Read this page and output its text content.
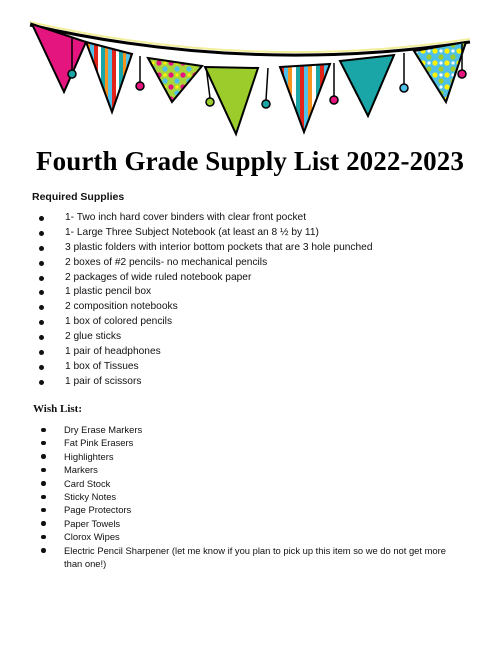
Fourth Grade Supply List 2022-2023
Required Supplies
1- Two inch hard cover binders with clear front pocket
1- Large Three Subject Notebook (at least an 8 ½ by 11)
3 plastic folders with interior bottom pockets that are 3 hole punched
2 boxes of #2 pencils- no mechanical pencils
2 packages of wide ruled notebook paper
1 plastic pencil box
2 composition notebooks
1 box of colored pencils
2 glue sticks
1 pair of headphones
1 box of Tissues
1 pair of scissors
Wish List:
Dry Erase Markers
Fat Pink Erasers
Highlighters
Markers
Card Stock
Sticky Notes
Page Protectors
Paper Towels
Clorox Wipes
Electric Pencil Sharpener (let me know if you plan to pick up this item so we do not get more than one!)
